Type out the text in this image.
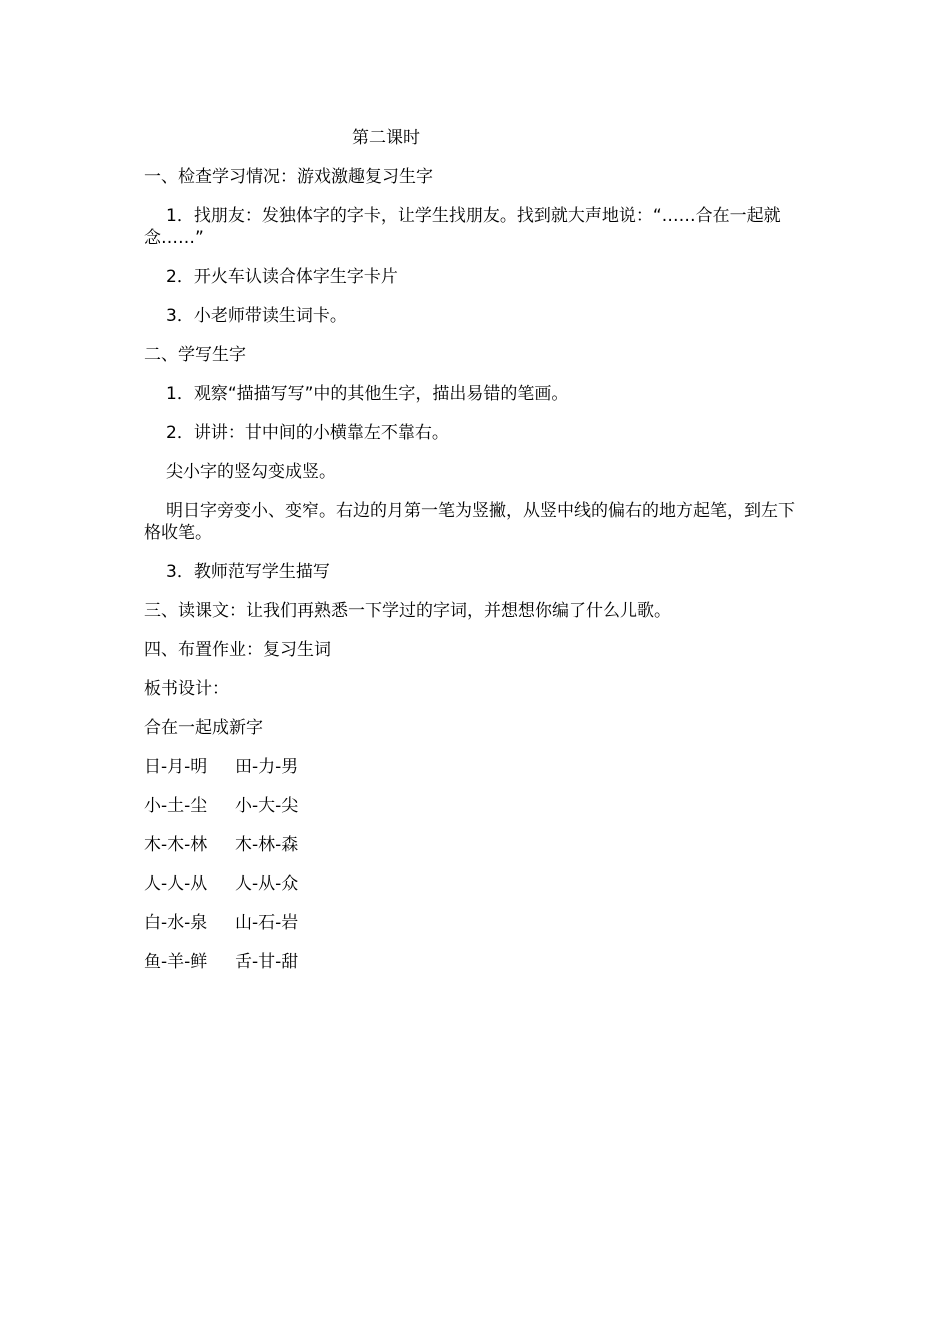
第二课时
一、检查学习情况：游戏激趣复习生字
1．找朋友：发独体字的字卡，让学生找朋友。找到就大声地说：“……合在一起就念……”
2．开火车认读合体字生字卡片
3．小老师带读生词卡。
二、学写生字
1．观察“描描写写”中的其他生字，描出易错的笔画。
2．讲讲：甘中间的小横靠左不靠右。
尖小字的竖勾变成竖。
明日字旁变小、变窄。右边的月第一笔为竖撇，从竖中线的偏右的地方起笔，到左下格收笔。
3．教师范写学生描写
三、读课文：让我们再熟悉一下学过的字词，并想想你编了什么儿歌。
四、布置作业：复习生词
板书设计：
合在一起成新字
日-月-明	田-力-男
小-土-尘	小-大-尖
木-木-林	木-林-森
人-人-从	人-从-众
白-水-泉	山-石-岩
鱼-羊-鲜	舌-甘-甜
